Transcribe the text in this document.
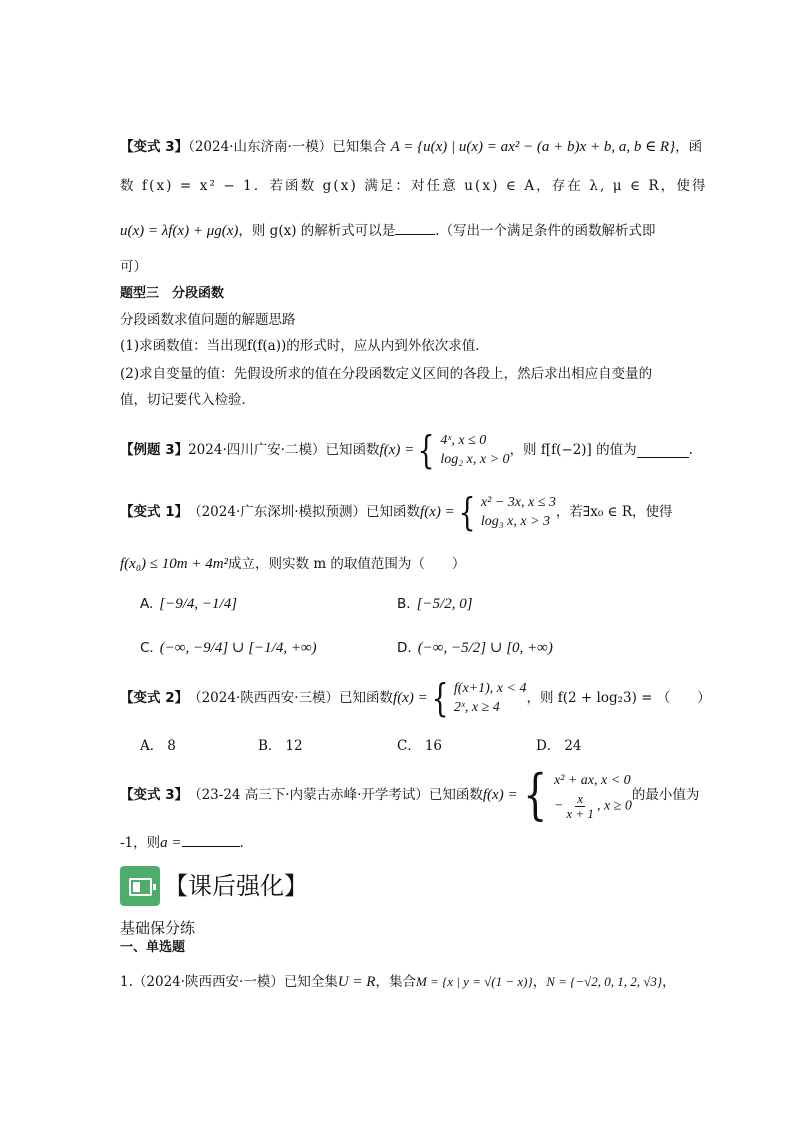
【变式 3】（2024·山东济南·一模）已知集合 A = {u(x) | u(x) = ax² − (a + b)x + b, a, b ∈ R}，函
数 f(x) = x² − 1．若函数 g(x) 满足：对任意 u(x) ∈ A，存在 λ, μ ∈ R，使得
u(x) = λf(x) + μg(x)，则 g(x) 的解析式可以是	.（写出一个满足条件的函数解析式即
可）
题型三　分段函数
分段函数求值问题的解题思路
(1)求函数值：当出现f(f(a))的形式时，应从内到外依次求值．
(2)求自变量的值：先假设所求的值在分段函数定义区间的各段上，然后求出相应自变量的
值，切记要代入检验．
【例题 3】 2024·四川广安·二模） 已知函数 f(x) = { 4ˣ, x ≤ 0
log₂ x, x > 0
，则 f[f(−2)] 的值为	.
【变式 1】 （2024·广东深圳·模拟预测） 已知函数 f(x) = { x² − 3x, x ≤ 3
log₃ x, x > 3
，若∃x₀ ∈ R，使得
f(x₀) ≤ 10m + 4m²成立，则实数 m 的取值范围为（　　）
A. [−9/4, −1/4]	B. [−5/2, 0]
C. (−∞, −9/4] ∪ [−1/4, +∞)	D. (−∞, −5/2] ∪ [0, +∞)
【变式 2】 （2024·陕西西安·三模） 已知函数 f(x) = { f(x+1), x < 4
2ˣ, x ≥ 4
，则 f(2 + log₂3) = （　　）
A． 8	B． 12	C． 16	D． 24
【变式 3】 （23-24 高三下·内蒙古赤峰·开学考试） 已知函数 f(x) = { x² + ax, x < 0
− $\frac{x}{x + 1}$ , x ≥ 0
的最小值为
-1，则a =	.
【课后强化】
基础保分练
一、单选题
1.（2024·陕西西安·一模）已知全集U = R，集合M = {x | y = √(1 − x)}，N = {−√2, 0, 1, 2, √3}，
